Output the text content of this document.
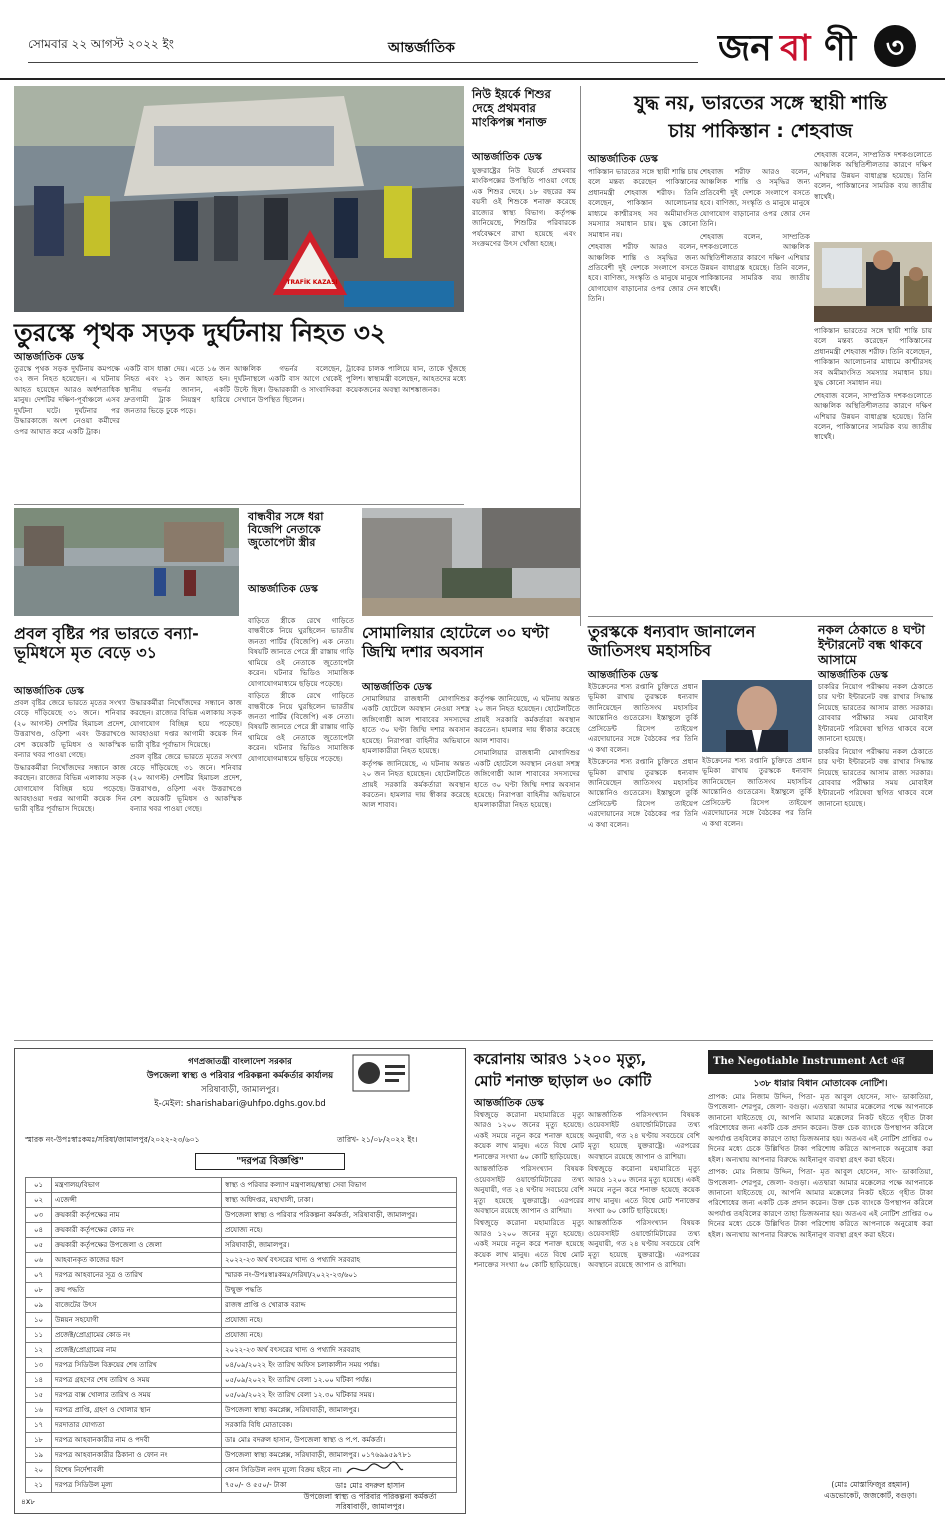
সোমবার ২২ আগস্ট ২০২২ ইং	আন্তর্জাতিক	জন বা ণী ৩
TRAFİK KAZASI
নিউ ইয়র্কে শিশুর দেহে প্রথমবার মাংকিপক্স শনাক্ত
আন্তর্জাতিক ডেস্ক

যুক্তরাষ্ট্রের নিউ ইয়র্কে প্রথমবার মাংকিপক্সের উপস্থিতি পাওয়া গেছে এক শিশুর দেহে। ১৮ বছরের কম বয়সী ওই শিশুকে শনাক্ত করেছে রাজ্যের স্বাস্থ্য বিভাগ। কর্তৃপক্ষ জানিয়েছে, শিশুটির পরিবারকে পর্যবেক্ষণে রাখা হয়েছে এবং সংক্রমণের উৎস খোঁজা হচ্ছে।

যুদ্ধ নয়, ভারতের সঙ্গে স্থায়ী শান্তি
চায় পাকিস্তান : শেহবাজ
আন্তর্জাতিক ডেস্ক

পাকিস্তান ভারতের সঙ্গে স্থায়ী শান্তি চায় বলে মন্তব্য করেছেন পাকিস্তানের প্রধানমন্ত্রী শেহবাজ শরীফ। তিনি বলেছেন, পাকিস্তান আলোচনার মাধ্যমে কাশ্মীরসহ সব অমীমাংসিত সমস্যার সমাধান চায়। যুদ্ধ কোনো সমাধান নয়।

শেহবাজ শরীফ আরও বলেন, আঞ্চলিক শান্তি ও সমৃদ্ধির জন্য প্রতিবেশী দুই দেশকে সংলাপে বসতে হবে। বাণিজ্য, সংস্কৃতি ও মানুষে মানুষে যোগাযোগ বাড়ানোর ওপর জোর দেন তিনি।

শেহবাজ শরীফ আরও বলেন, আঞ্চলিক শান্তি ও সমৃদ্ধির জন্য প্রতিবেশী দুই দেশকে সংলাপে বসতে হবে। বাণিজ্য, সংস্কৃতি ও মানুষে মানুষে যোগাযোগ বাড়ানোর ওপর জোর দেন তিনি।

শেহবাজ বলেন, সাম্প্রতিক দশকগুলোতে আঞ্চলিক অস্থিতিশীলতার কারণে দক্ষিণ এশিয়ার উন্নয়ন বাধাগ্রস্ত হয়েছে। তিনি বলেন, পাকিস্তানের সামরিক ব্যয় জাতীয় স্বার্থেই।

শেহবাজ বলেন, সাম্প্রতিক দশকগুলোতে আঞ্চলিক অস্থিতিশীলতার কারণে দক্ষিণ এশিয়ার উন্নয়ন বাধাগ্রস্ত হয়েছে। তিনি বলেন, পাকিস্তানের সামরিক ব্যয় জাতীয় স্বার্থেই।

পাকিস্তান ভারতের সঙ্গে স্থায়ী শান্তি চায় বলে মন্তব্য করেছেন পাকিস্তানের প্রধানমন্ত্রী শেহবাজ শরীফ। তিনি বলেছেন, পাকিস্তান আলোচনার মাধ্যমে কাশ্মীরসহ সব অমীমাংসিত সমস্যার সমাধান চায়। যুদ্ধ কোনো সমাধান নয়।

শেহবাজ বলেন, সাম্প্রতিক দশকগুলোতে আঞ্চলিক অস্থিতিশীলতার কারণে দক্ষিণ এশিয়ার উন্নয়ন বাধাগ্রস্ত হয়েছে। তিনি বলেন, পাকিস্তানের সামরিক ব্যয় জাতীয় স্বার্থেই।

তুরস্কে পৃথক সড়ক দুর্ঘটনায় নিহত ৩২
আন্তর্জাতিক ডেস্ক

তুরস্কে পৃথক সড়ক দুর্ঘটনায় কমপক্ষে ৩২ জন নিহত হয়েছেন। এ ঘটনায় আহত হয়েছেন আরও অর্ধশতাধিক মানুষ। দেশটির দক্ষিণ-পূর্বাঞ্চলে এসব দুর্ঘটনা ঘটে। দুর্ঘটনার পর উদ্ধারকাজে অংশ নেওয়া কর্মীদের ওপর আঘাত করে একটি ট্রাক।

একটি বাস ধাক্কা দেয়। এতে ১৬ জন নিহত এবং ২১ জন আহত হন। স্থানীয় গভর্নর জানান, একটি দ্রুতগামী ট্রাক নিয়ন্ত্রণ হারিয়ে জনতার ভিড়ে ঢুকে পড়ে।

আঞ্চলিক গভর্নর বলেছেন, দুর্ঘটনাস্থলে একটি বাস আগে থেকেই উল্টে ছিল। উদ্ধারকারী ও সাংবাদিকরা সেখানে উপস্থিত ছিলেন।

ট্রাকের চালক পালিয়ে যান, তাকে খুঁজছে পুলিশ। স্বাস্থ্যমন্ত্রী বলেছেন, আহতদের মধ্যে কয়েকজনের অবস্থা আশঙ্কাজনক।

বান্ধবীর সঙ্গে ধরা বিজেপি নেতাকে জুতোপেটা স্ত্রীর
আন্তর্জাতিক ডেস্ক

বাড়িতে স্ত্রীকে রেখে গাড়িতে বান্ধবীকে নিয়ে ঘুরছিলেন ভারতীয় জনতা পার্টির (বিজেপি) এক নেতা। বিষয়টি জানতে পেরে স্ত্রী রাস্তায় গাড়ি থামিয়ে ওই নেতাকে জুতোপেটা করেন। ঘটনার ভিডিও সামাজিক যোগাযোগমাধ্যমে ছড়িয়ে পড়েছে।

বাড়িতে স্ত্রীকে রেখে গাড়িতে বান্ধবীকে নিয়ে ঘুরছিলেন ভারতীয় জনতা পার্টির (বিজেপি) এক নেতা। বিষয়টি জানতে পেরে স্ত্রী রাস্তায় গাড়ি থামিয়ে ওই নেতাকে জুতোপেটা করেন। ঘটনার ভিডিও সামাজিক যোগাযোগমাধ্যমে ছড়িয়ে পড়েছে।

প্রবল বৃষ্টির পর ভারতে বন্যা-ভূমিধসে মৃত বেড়ে ৩১
আন্তর্জাতিক ডেস্ক

প্রবল বৃষ্টির জেরে ভারতে মৃতের সংখ্যা বেড়ে দাঁড়িয়েছে ৩১ জনে। শনিবার (২০ আগস্ট) দেশটির হিমাচল প্রদেশ, উত্তরাখণ্ড, ওড়িশা এবং উত্তরাখণ্ডে বেশ কয়েকটি ভূমিধস ও আকস্মিক বন্যার খবর পাওয়া গেছে।

উদ্ধারকর্মীরা নিখোঁজদের সন্ধানে কাজ করছেন। রাজ্যের বিভিন্ন এলাকায় সড়ক যোগাযোগ বিচ্ছিন্ন হয়ে পড়েছে। আবহাওয়া দপ্তর আগামী কয়েক দিন ভারী বৃষ্টির পূর্বাভাস দিয়েছে।

উদ্ধারকর্মীরা নিখোঁজদের সন্ধানে কাজ করছেন। রাজ্যের বিভিন্ন এলাকায় সড়ক যোগাযোগ বিচ্ছিন্ন হয়ে পড়েছে। আবহাওয়া দপ্তর আগামী কয়েক দিন ভারী বৃষ্টির পূর্বাভাস দিয়েছে।

প্রবল বৃষ্টির জেরে ভারতে মৃতের সংখ্যা বেড়ে দাঁড়িয়েছে ৩১ জনে। শনিবার (২০ আগস্ট) দেশটির হিমাচল প্রদেশ, উত্তরাখণ্ড, ওড়িশা এবং উত্তরাখণ্ডে বেশ কয়েকটি ভূমিধস ও আকস্মিক বন্যার খবর পাওয়া গেছে।

সোমালিয়ার হোটেলে ৩০ ঘণ্টা জিম্মি দশার অবসান
আন্তর্জাতিক ডেস্ক

সোমালিয়ার রাজধানী মোগাদিশুর একটি হোটেলে অবস্থান নেওয়া সশস্ত্র জঙ্গিগোষ্ঠী আল শাবাবের সদস্যদের হাতে ৩০ ঘণ্টা জিম্মি দশার অবসান হয়েছে। নিরাপত্তা বাহিনীর অভিযানে হামলাকারীরা নিহত হয়েছে।

কর্তৃপক্ষ জানিয়েছে, এ ঘটনায় অন্তত ২০ জন নিহত হয়েছেন। হোটেলটিতে প্রায়ই সরকারি কর্মকর্তারা অবস্থান করতেন। হামলার দায় স্বীকার করেছে আল শাবাব।

কর্তৃপক্ষ জানিয়েছে, এ ঘটনায় অন্তত ২০ জন নিহত হয়েছেন। হোটেলটিতে প্রায়ই সরকারি কর্মকর্তারা অবস্থান করতেন। হামলার দায় স্বীকার করেছে আল শাবাব।

সোমালিয়ার রাজধানী মোগাদিশুর একটি হোটেলে অবস্থান নেওয়া সশস্ত্র জঙ্গিগোষ্ঠী আল শাবাবের সদস্যদের হাতে ৩০ ঘণ্টা জিম্মি দশার অবসান হয়েছে। নিরাপত্তা বাহিনীর অভিযানে হামলাকারীরা নিহত হয়েছে।

তুরস্ককে ধন্যবাদ জানালেন জাতিসংঘ মহাসচিব
আন্তর্জাতিক ডেস্ক

ইউক্রেনের শস্য রপ্তানি চুক্তিতে প্রধান ভূমিকা রাখায় তুরস্ককে ধন্যবাদ জানিয়েছেন জাতিসংঘ মহাসচিব আন্তোনিও গুতেরেস। ইস্তাম্বুলে তুর্কি প্রেসিডেন্ট রিসেপ তাইয়েপ এরদোয়ানের সঙ্গে বৈঠকের পর তিনি এ কথা বলেন।

ইউক্রেনের শস্য রপ্তানি চুক্তিতে প্রধান ভূমিকা রাখায় তুরস্ককে ধন্যবাদ জানিয়েছেন জাতিসংঘ মহাসচিব আন্তোনিও গুতেরেস। ইস্তাম্বুলে তুর্কি প্রেসিডেন্ট রিসেপ তাইয়েপ এরদোয়ানের সঙ্গে বৈঠকের পর তিনি এ কথা বলেন।

ইউক্রেনের শস্য রপ্তানি চুক্তিতে প্রধান ভূমিকা রাখায় তুরস্ককে ধন্যবাদ জানিয়েছেন জাতিসংঘ মহাসচিব আন্তোনিও গুতেরেস। ইস্তাম্বুলে তুর্কি প্রেসিডেন্ট রিসেপ তাইয়েপ এরদোয়ানের সঙ্গে বৈঠকের পর তিনি এ কথা বলেন।

নকল ঠেকাতে ৪ ঘণ্টা ইন্টারনেট বন্ধ থাকবে আসামে
আন্তর্জাতিক ডেস্ক

চাকরির নিয়োগ পরীক্ষায় নকল ঠেকাতে চার ঘণ্টা ইন্টারনেট বন্ধ রাখার সিদ্ধান্ত নিয়েছে ভারতের আসাম রাজ্য সরকার। রোববার পরীক্ষার সময় মোবাইল ইন্টারনেট পরিষেবা স্থগিত থাকবে বলে জানানো হয়েছে।

চাকরির নিয়োগ পরীক্ষায় নকল ঠেকাতে চার ঘণ্টা ইন্টারনেট বন্ধ রাখার সিদ্ধান্ত নিয়েছে ভারতের আসাম রাজ্য সরকার। রোববার পরীক্ষার সময় মোবাইল ইন্টারনেট পরিষেবা স্থগিত থাকবে বলে জানানো হয়েছে।

গণপ্রজাতন্ত্রী বাংলাদেশ সরকার
উপজেলা স্বাস্থ্য ও পরিবার পরিকল্পনা কর্মকর্তার কার্যালয়
সরিষাবাড়ী, জামালপুর।
ই-মেইল: sharishabari@uhfpo.dghs.gov.bd
স্মারক নং-উপঃস্বাঃকমঃ/সরিষা/জামালপুর/২০২২-২৩/৬০১	তারিখ- ২১/০৮/২০২২ ইং।
"দরপত্র বিজ্ঞপ্তি"
০১	মন্ত্রণালয়/বিভাগ	স্বাস্থ্য ও পরিবার কল্যাণ মন্ত্রণালয়/স্বাস্থ্য সেবা বিভাগ
০২	এজেন্সী	স্বাস্থ্য অধিদপ্তর, মহাখালী, ঢাকা।
০৩	ক্রয়কারী কর্তৃপক্ষের নাম	উপজেলা স্বাস্থ্য ও পরিবার পরিকল্পনা কর্মকর্তা, সরিষাবাড়ী, জামালপুর।
০৪	ক্রয়কারী কর্তৃপক্ষের কোড নং	প্রযোজ্য নহে।
০৫	ক্রয়কারী কর্তৃপক্ষের উপজেলা ও জেলা	সরিষাবাড়ী, জামালপুর।
০৬	আহবানকৃত কাজের ধরণ	২০২২-২৩ অর্থ বৎসরের খাদ্য ও পথ্যাদি সরবরাহ
০৭	দরপত্র আহবানের সূত্র ও তারিখ	স্মারক নং-উপঃস্বাঃকমঃ/সরিষা/২০২২-২৩/৬০১
০৮	ক্রয় পদ্ধতি	উন্মুক্ত পদ্ধতি
০৯	বাজেটের উৎস	রাজস্ব প্রাপ্তি ও খোরাক বরাদ্দ
১০	উন্নয়ন সহযোগী	প্রযোজ্য নহে।
১১	প্রজেক্ট/প্রোগ্রামের কোড নং	প্রযোজ্য নহে।
১২	প্রজেক্ট/প্রোগ্রামের নাম	২০২২-২৩ অর্থ বৎসরের খাদ্য ও পথ্যাদি সরবরাহ
১৩	দরপত্র সিডিউল বিক্রয়ের শেষ তারিখ	০৪/০৯/২০২২ ইং তারিখ অফিস চলাকালীন সময় পর্যন্ত।
১৪	দরপত্র গ্রহণের শেষ তারিখ ও সময়	০৫/০৯/২০২২ ইং তারিখ বেলা ১২.০০ ঘটিকা পর্যন্ত।
১৫	দরপত্র বাক্স খোলার তারিখ ও সময়	০৫/০৯/২০২২ ইং তারিখ বেলা ১২.৩০ ঘটিকার সময়।
১৬	দরপত্র প্রাপ্তি, গ্রহণ ও খোলার স্থান	উপজেলা স্বাস্থ্য কমপ্লেক্স, সরিষাবাড়ী, জামালপুর।
১৭	দরদাতার যোগ্যতা	সরকারি বিধি মোতাবেক।
১৮	দরপত্র আহবানকারীর নাম ও পদবী	ডাঃ মোঃ বদরুল হাসান, উপজেলা স্বাস্থ্য ও প.প. কর্মকর্তা।
১৯	দরপত্র আহবানকারীর ঠিকানা ও ফোন নং	উপজেলা স্বাস্থ্য কমপ্লেক্স, সরিষাবাড়ী, জামালপুর। ০১৭৬৯৯৫৯৭৮১
২০	বিশেষ নির্দেশাবলী	কোন সিডিউল নগদ মূল্যে বিক্রয় হইবে না।
২১	দরপত্র সিডিউল মূল্য	৭৫০/- ও ৫৫০/- টাকা	ডাঃ মোঃ বদরুল হাসান
উপজেলা স্বাস্থ্য ও পরিবার পরিকল্পনা কর্মকর্তা
সরিষাবাড়ী, জামালপুর।
৪x৮
করোনায় আরও ১২০০ মৃত্যু,
মোট শনাক্ত ছাড়াল ৬০ কোটি
আন্তর্জাতিক ডেস্ক

বিশ্বজুড়ে করোনা মহামারিতে মৃত্যু আরও ১২০০ জনের মৃত্যু হয়েছে। একই সময়ে নতুন করে শনাক্ত হয়েছে কয়েক লাখ মানুষ। এতে বিশ্বে মোট শনাক্তের সংখ্যা ৬০ কোটি ছাড়িয়েছে।

আন্তর্জাতিক পরিসংখ্যান বিষয়ক ওয়েবসাইট ওয়ার্ল্ডোমিটারের তথ্য অনুযায়ী, গত ২৪ ঘণ্টায় সবচেয়ে বেশি মৃত্যু হয়েছে যুক্তরাষ্ট্রে। এরপরের অবস্থানে রয়েছে জাপান ও রাশিয়া।

বিশ্বজুড়ে করোনা মহামারিতে মৃত্যু আরও ১২০০ জনের মৃত্যু হয়েছে। একই সময়ে নতুন করে শনাক্ত হয়েছে কয়েক লাখ মানুষ। এতে বিশ্বে মোট শনাক্তের সংখ্যা ৬০ কোটি ছাড়িয়েছে।

আন্তর্জাতিক পরিসংখ্যান বিষয়ক ওয়েবসাইট ওয়ার্ল্ডোমিটারের তথ্য অনুযায়ী, গত ২৪ ঘণ্টায় সবচেয়ে বেশি মৃত্যু হয়েছে যুক্তরাষ্ট্রে। এরপরের অবস্থানে রয়েছে জাপান ও রাশিয়া।

বিশ্বজুড়ে করোনা মহামারিতে মৃত্যু আরও ১২০০ জনের মৃত্যু হয়েছে। একই সময়ে নতুন করে শনাক্ত হয়েছে কয়েক লাখ মানুষ। এতে বিশ্বে মোট শনাক্তের সংখ্যা ৬০ কোটি ছাড়িয়েছে।

আন্তর্জাতিক পরিসংখ্যান বিষয়ক ওয়েবসাইট ওয়ার্ল্ডোমিটারের তথ্য অনুযায়ী, গত ২৪ ঘণ্টায় সবচেয়ে বেশি মৃত্যু হয়েছে যুক্তরাষ্ট্রে। এরপরের অবস্থানে রয়েছে জাপান ও রাশিয়া।

The Negotiable Instrument Act এর
১৩৮ ধারার বিধান মোতাবেক নোটিশ।

প্রাপক: মোঃ নিজাম উদ্দিন, পিতা- মৃত আবুল হোসেন, সাং- ডাকাতিয়া, উপজেলা- শেরপুর, জেলা- বগুড়া। এতদ্বারা আমার মক্কেলের পক্ষে আপনাকে জানানো যাইতেছে যে, আপনি আমার মক্কেলের নিকট হইতে গৃহীত টাকা পরিশোধের জন্য একটি চেক প্রদান করেন। উক্ত চেক ব্যাংকে উপস্থাপন করিলে অপর্যাপ্ত তহবিলের কারণে তাহা ডিজঅনার হয়। অতএব এই নোটিশ প্রাপ্তির ৩০ দিনের মধ্যে চেকে উল্লিখিত টাকা পরিশোধ করিতে আপনাকে অনুরোধ করা হইল। অন্যথায় আপনার বিরুদ্ধে আইনানুগ ব্যবস্থা গ্রহণ করা হইবে।

প্রাপক: মোঃ নিজাম উদ্দিন, পিতা- মৃত আবুল হোসেন, সাং- ডাকাতিয়া, উপজেলা- শেরপুর, জেলা- বগুড়া। এতদ্বারা আমার মক্কেলের পক্ষে আপনাকে জানানো যাইতেছে যে, আপনি আমার মক্কেলের নিকট হইতে গৃহীত টাকা পরিশোধের জন্য একটি চেক প্রদান করেন। উক্ত চেক ব্যাংকে উপস্থাপন করিলে অপর্যাপ্ত তহবিলের কারণে তাহা ডিজঅনার হয়। অতএব এই নোটিশ প্রাপ্তির ৩০ দিনের মধ্যে চেকে উল্লিখিত টাকা পরিশোধ করিতে আপনাকে অনুরোধ করা হইল। অন্যথায় আপনার বিরুদ্ধে আইনানুগ ব্যবস্থা গ্রহণ করা হইবে।

(মোঃ মোস্তাফিজুর রহমান)
এডভোকেট, জজকোর্ট, বগুড়া।
